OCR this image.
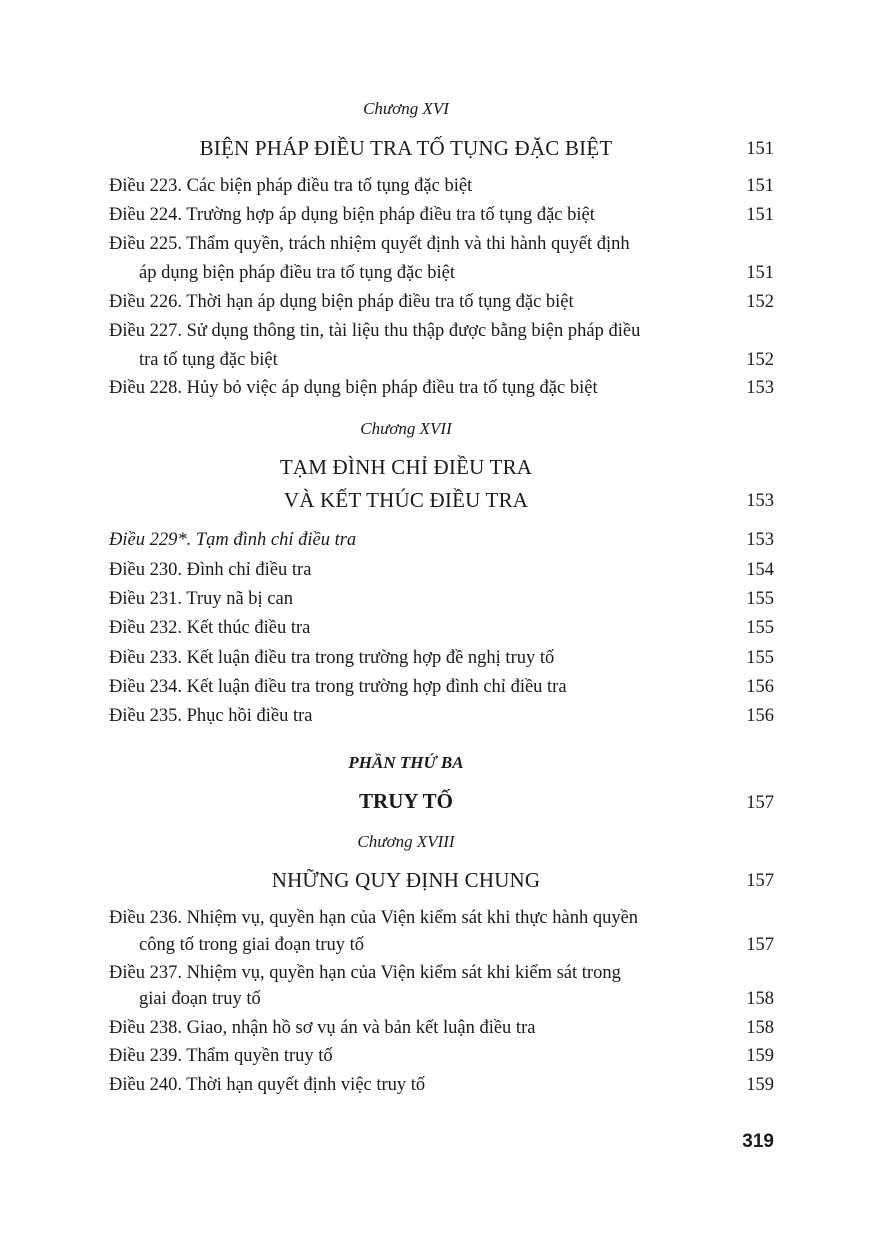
Chương XVI
BIỆN PHÁP ĐIỀU TRA TỐ TỤNG ĐẶC BIỆT	151
Điều 223. Các biện pháp điều tra tố tụng đặc biệt	151
Điều 224. Trường hợp áp dụng biện pháp điều tra tố tụng đặc biệt	151
Điều 225. Thẩm quyền, trách nhiệm quyết định và thi hành quyết định
áp dụng biện pháp điều tra tố tụng đặc biệt	151
Điều 226. Thời hạn áp dụng biện pháp điều tra tố tụng đặc biệt	152
Điều 227. Sử dụng thông tin, tài liệu thu thập được bằng biện pháp điều
tra tố tụng đặc biệt	152
Điều 228. Hủy bỏ việc áp dụng biện pháp điều tra tố tụng đặc biệt	153
Chương XVII
TẠM ĐÌNH CHỈ ĐIỀU TRA
VÀ KẾT THÚC ĐIỀU TRA	153
Điều 229*. Tạm đình chỉ điều tra	153
Điều 230. Đình chỉ điều tra	154
Điều 231. Truy nã bị can	155
Điều 232. Kết thúc điều tra	155
Điều 233. Kết luận điều tra trong trường hợp đề nghị truy tố	155
Điều 234. Kết luận điều tra trong trường hợp đình chỉ điều tra	156
Điều 235. Phục hồi điều tra	156
PHẦN THỨ BA
TRUY TỐ	157
Chương XVIII
NHỮNG QUY ĐỊNH CHUNG	157
Điều 236. Nhiệm vụ, quyền hạn của Viện kiểm sát khi thực hành quyền
công tố trong giai đoạn truy tố	157
Điều 237. Nhiệm vụ, quyền hạn của Viện kiểm sát khi kiểm sát trong
giai đoạn truy tố	158
Điều 238. Giao, nhận hồ sơ vụ án và bản kết luận điều tra	158
Điều 239. Thẩm quyền truy tố	159
Điều 240. Thời hạn quyết định việc truy tố	159
319
